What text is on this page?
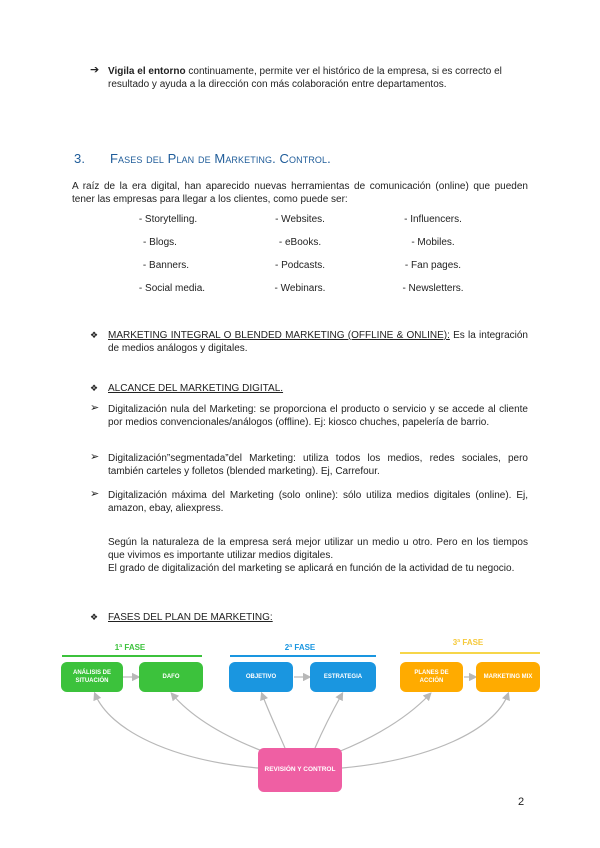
➔ Vigila el entorno continuamente, permite ver el histórico de la empresa, si es correcto el resultado y ayuda a la dirección con más colaboración entre departamentos.
3. Fases del Plan de Marketing. Control.
A raíz de la era digital, han aparecido nuevas herramientas de comunicación (online) que pueden tener las empresas para llegar a los clientes, como puede ser:
- Storytelling.	- Websites.	- Influencers.
- Blogs.	- eBooks.	- Mobiles.
- Banners.	- Podcasts.	- Fan pages.
- Social media.	- Webinars.	- Newsletters.
❖ MARKETING INTEGRAL O BLENDED MARKETING (OFFLINE & ONLINE): Es la integración de medios análogos y digitales.
❖ ALCANCE DEL MARKETING DIGITAL.
➢ Digitalización nula del Marketing: se proporciona el producto o servicio y se accede al cliente por medios convencionales/análogos (offline). Ej: kiosco chuches, papelería de barrio.
➢ Digitalización”segmentada”del Marketing: utiliza todos los medios, redes sociales, pero también carteles y folletos (blended marketing). Ej, Carrefour.
➢ Digitalización máxima del Marketing (solo online): sólo utiliza medios digitales (online). Ej, amazon, ebay, aliexpress.
Según la naturaleza de la empresa será mejor utilizar un medio u otro. Pero en los tiempos que vivimos es importante utilizar medios digitales.
El grado de digitalización del marketing se aplicará en función de la actividad de tu negocio.
❖ FASES DEL PLAN DE MARKETING:
1ª FASE	2ª FASE
3ª FASE
ANÁLISIS DE SITUACIÓN
DAFO	OBJETIVO	ESTRATEGIA
PLANES DE ACCIÓN
MARKETING MIX
REVISIÓN Y CONTROL
2
